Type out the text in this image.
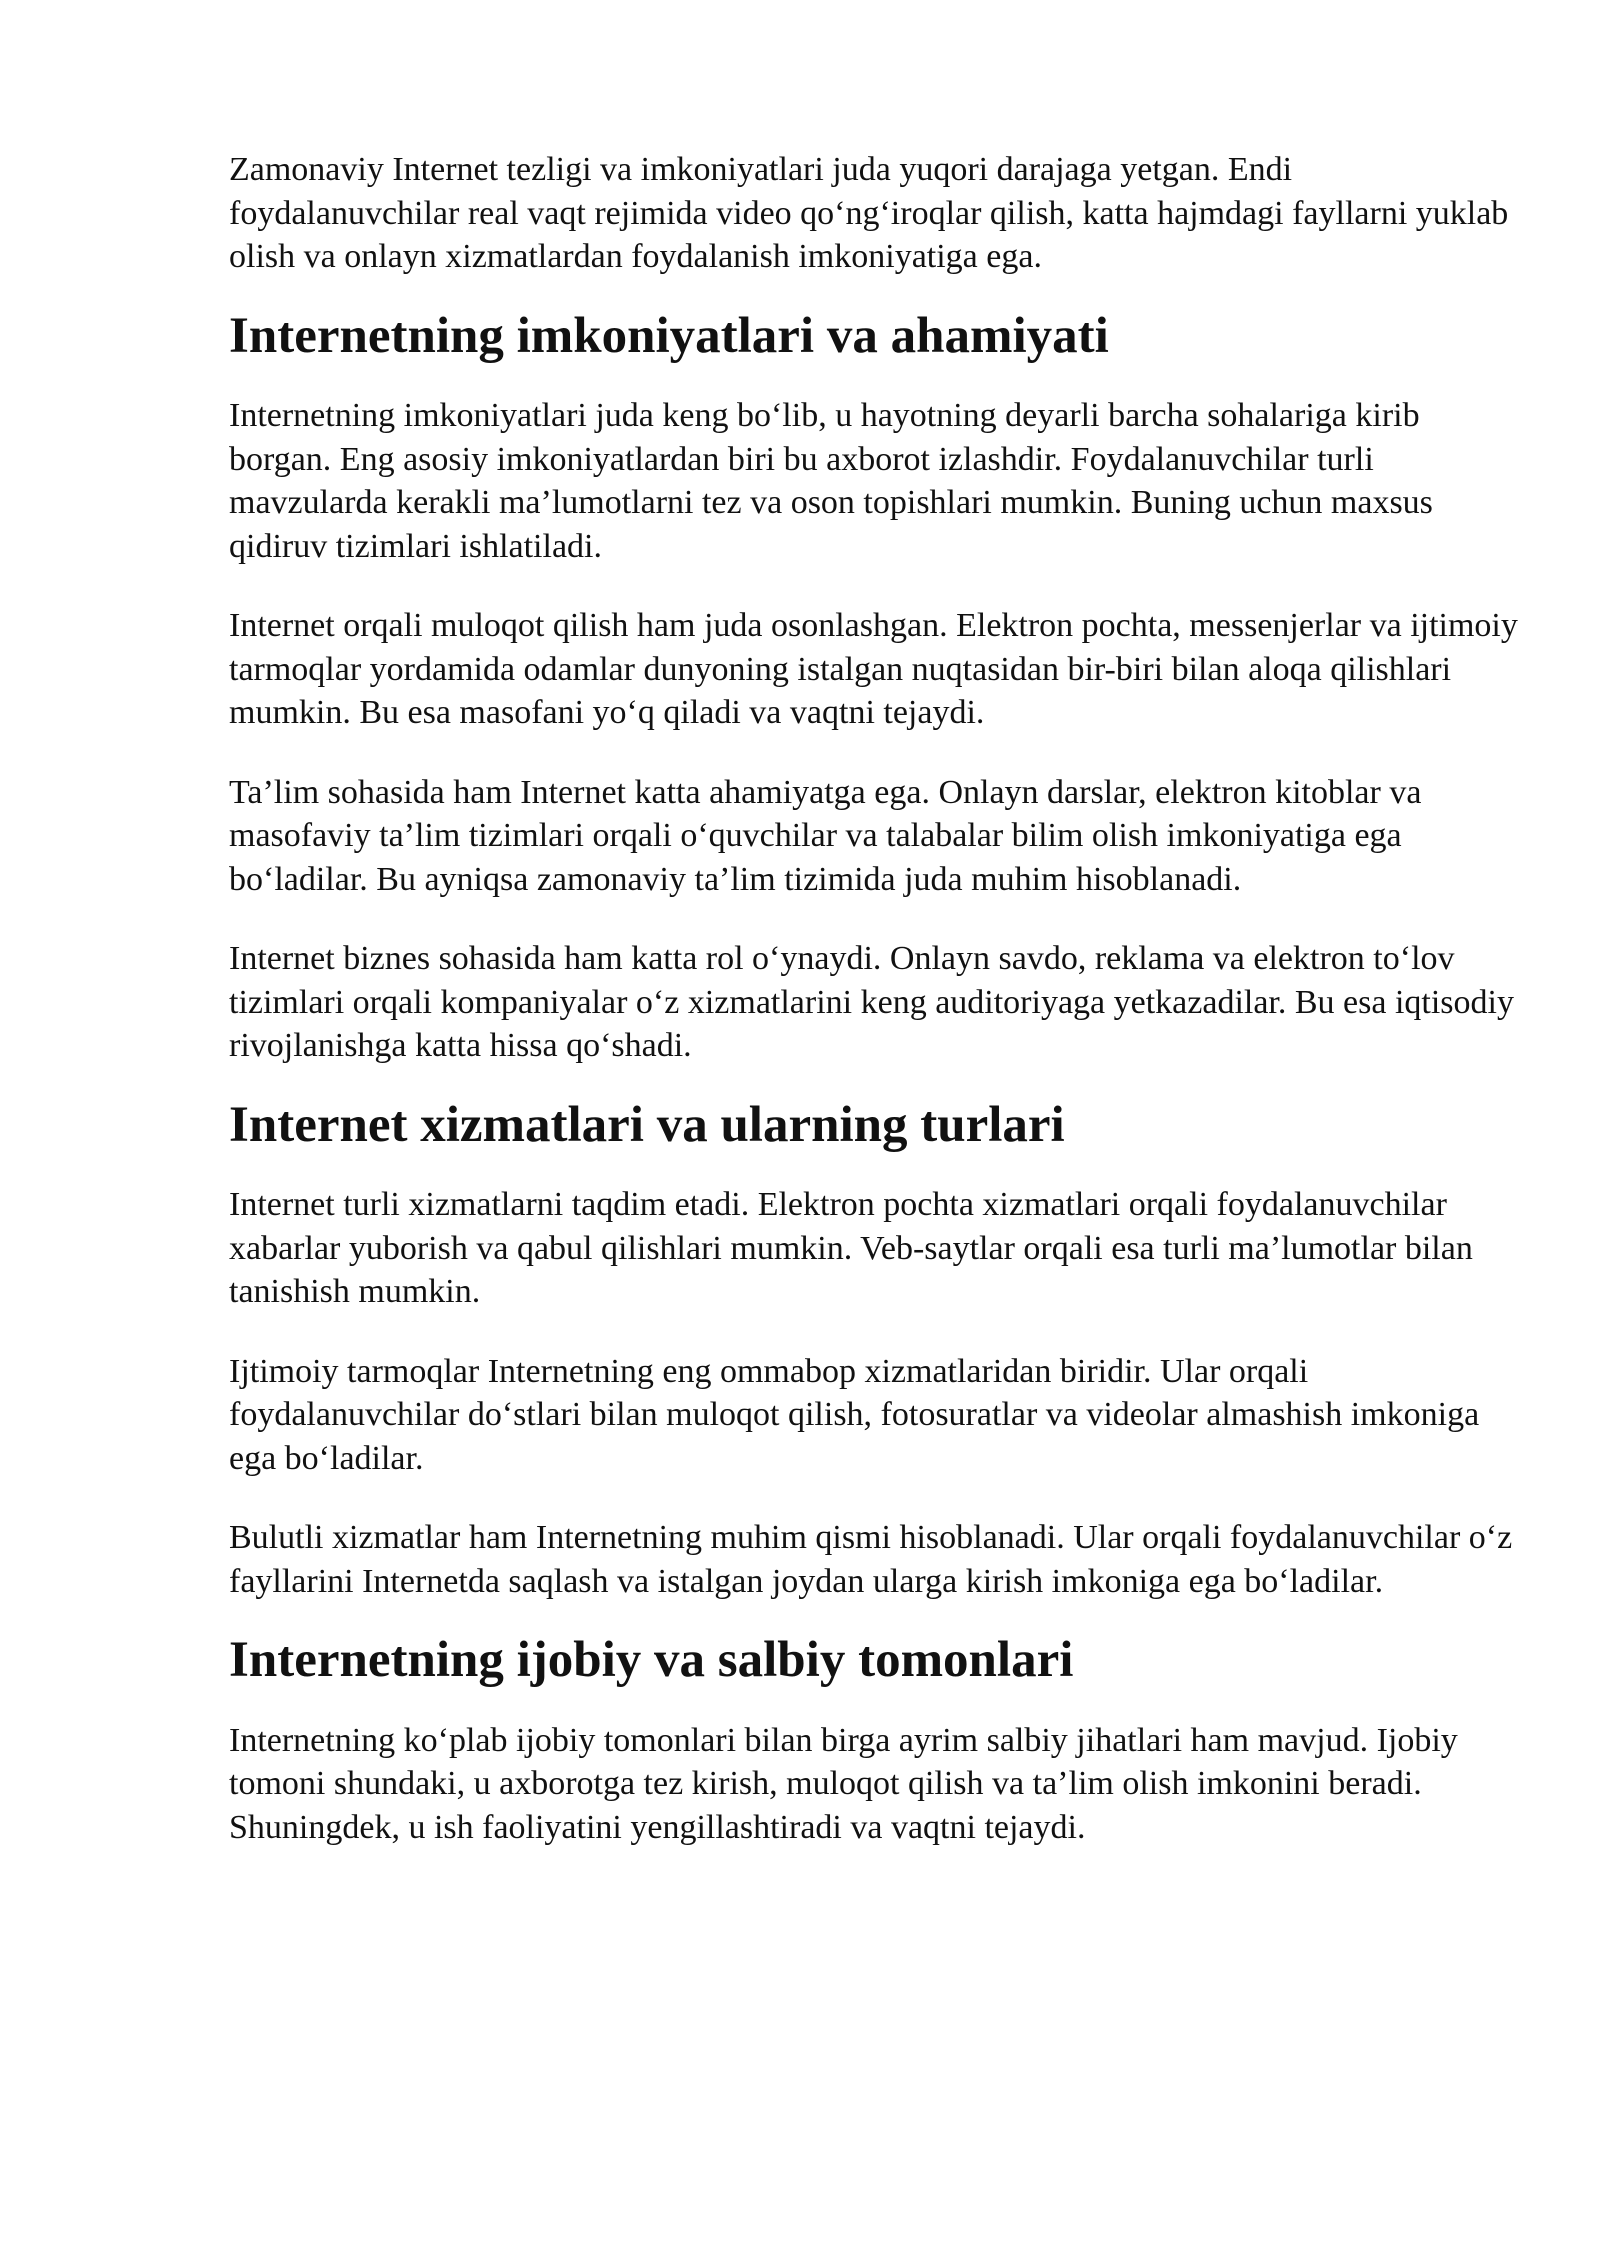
Zamonaviy Internet tezligi va imkoniyatlari juda yuqori darajaga yetgan. Endi foydalanuvchilar real vaqt rejimida video qo‘ng‘iroqlar qilish, katta hajmdagi fayllarni yuklab olish va onlayn xizmatlardan foydalanish imkoniyatiga ega.

Internetning imkoniyatlari va ahamiyati

Internetning imkoniyatlari juda keng bo‘lib, u hayotning deyarli barcha sohalariga kirib borgan. Eng asosiy imkoniyatlardan biri bu axborot izlashdir. Foydalanuvchilar turli mavzularda kerakli ma’lumotlarni tez va oson topishlari mumkin. Buning uchun maxsus qidiruv tizimlari ishlatiladi.

Internet orqali muloqot qilish ham juda osonlashgan. Elektron pochta, messenjerlar va ijtimoiy tarmoqlar yordamida odamlar dunyoning istalgan nuqtasidan bir-biri bilan aloqa qilishlari mumkin. Bu esa masofani yo‘q qiladi va vaqtni tejaydi.

Ta’lim sohasida ham Internet katta ahamiyatga ega. Onlayn darslar, elektron kitoblar va masofaviy ta’lim tizimlari orqali o‘quvchilar va talabalar bilim olish imkoniyatiga ega bo‘ladilar. Bu ayniqsa zamonaviy ta’lim tizimida juda muhim hisoblanadi.

Internet biznes sohasida ham katta rol o‘ynaydi. Onlayn savdo, reklama va elektron to‘lov tizimlari orqali kompaniyalar o‘z xizmatlarini keng auditoriyaga yetkazadilar. Bu esa iqtisodiy rivojlanishga katta hissa qo‘shadi.

Internet xizmatlari va ularning turlari

Internet turli xizmatlarni taqdim etadi. Elektron pochta xizmatlari orqali foydalanuvchilar xabarlar yuborish va qabul qilishlari mumkin. Veb-saytlar orqali esa turli ma’lumotlar bilan tanishish mumkin.

Ijtimoiy tarmoqlar Internetning eng ommabop xizmatlaridan biridir. Ular orqali foydalanuvchilar do‘stlari bilan muloqot qilish, fotosuratlar va videolar almashish imkoniga ega bo‘ladilar.

Bulutli xizmatlar ham Internetning muhim qismi hisoblanadi. Ular orqali foydalanuvchilar o‘z fayllarini Internetda saqlash va istalgan joydan ularga kirish imkoniga ega bo‘ladilar.

Internetning ijobiy va salbiy tomonlari

Internetning ko‘plab ijobiy tomonlari bilan birga ayrim salbiy jihatlari ham mavjud. Ijobiy tomoni shundaki, u axborotga tez kirish, muloqot qilish va ta’lim olish imkonini beradi. Shuningdek, u ish faoliyatini yengillashtiradi va vaqtni tejaydi.
